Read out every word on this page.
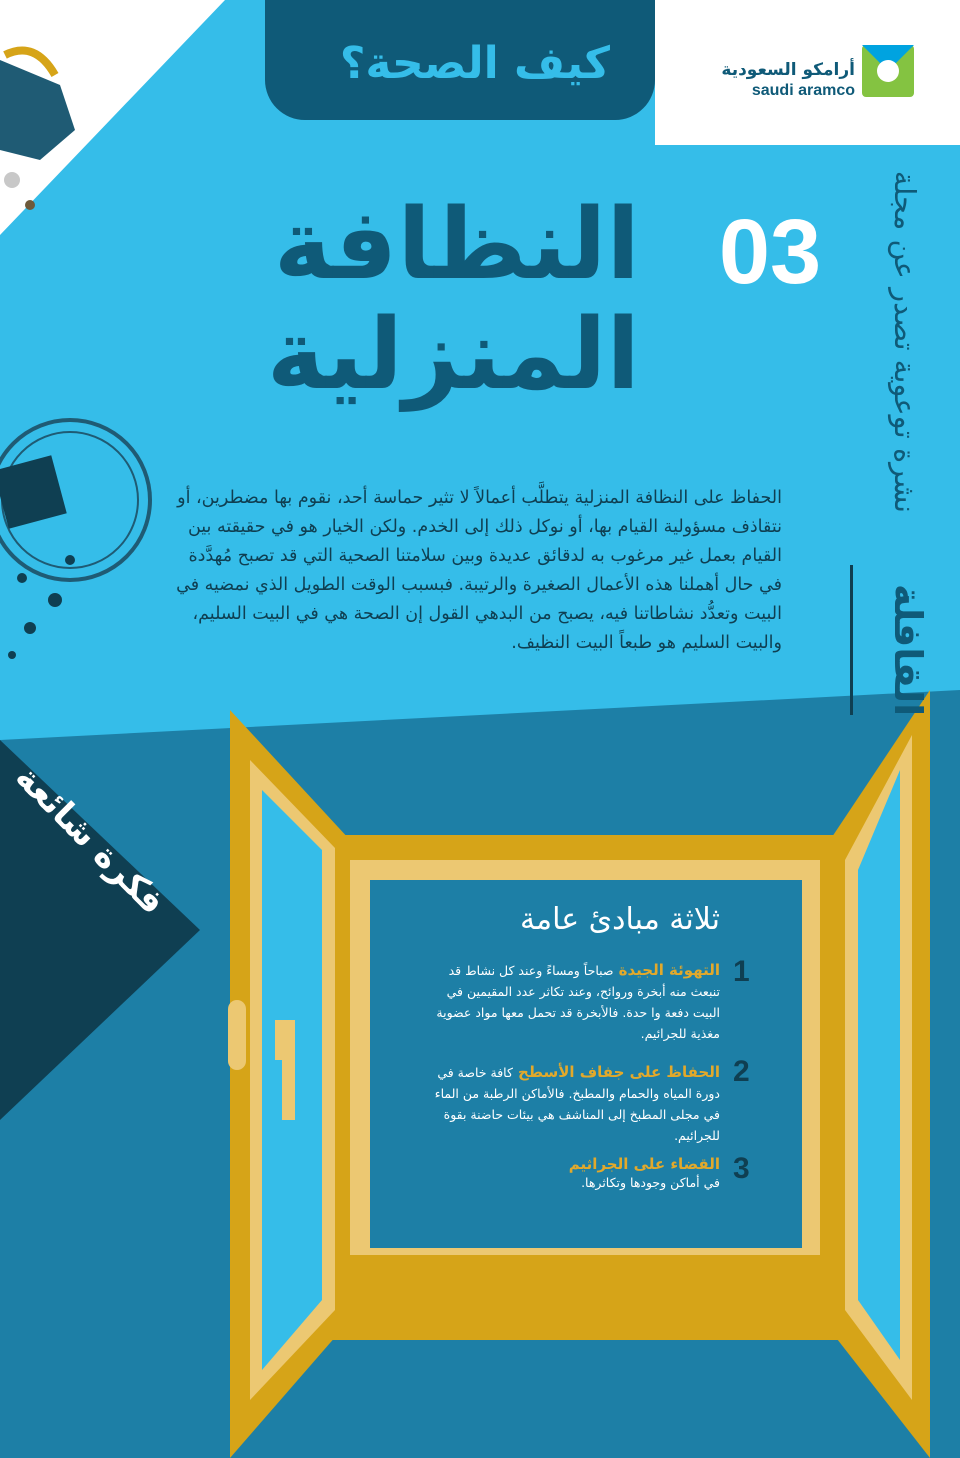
كيف الصحة؟	أرامكو السعودية
saudi aramco
03
النظافة
المنزلية	نشرة توعوية تصدر عن مجلة
القافلة
الحفاظ على النظافة المنزلية يتطلَّب أعمالاً لا تثير حماسة أحد، نقوم بها مضطرين، أو نتقاذف مسؤولية القيام بها، أو نوكل ذلك إلى الخدم. ولكن الخيار هو في حقيقته بين القيام بعمل غير مرغوب به لدقائق عديدة وبين سلامتنا الصحية التي قد تصبح مُهدَّدة في حال أهملنا هذه الأعمال الصغيرة والرتيبة. فبسبب الوقت الطويل الذي نمضيه في البيت وتعدُّد نشاطاتنا فيه، يصبح من البدهي القول إن الصحة هي في البيت السليم، والبيت السليم هو طبعاً البيت النظيف.
فكرة شائعة	ثلاثة مبادئ عامة
1
التهوئة الجيدة صباحاً ومساءً وعند كل نشاط قد تنبعث منه أبخرة وروائح، وعند تكاثر عدد المقيمين في البيت دفعة وا حدة. فالأبخرة قد تحمل معها مواد عضوية مغذية للجرائيم.
2
الحفاظ على جفاف الأسطح كافة خاصة في دورة المياه والحمام والمطبخ. فالأماكن الرطبة من الماء في مجلى المطبخ إلى المناشف هي بيئات حاضنة بقوة للجرائيم.
3
القضاء على الجراثيم
في أماكن وجودها وتكاثرها.
